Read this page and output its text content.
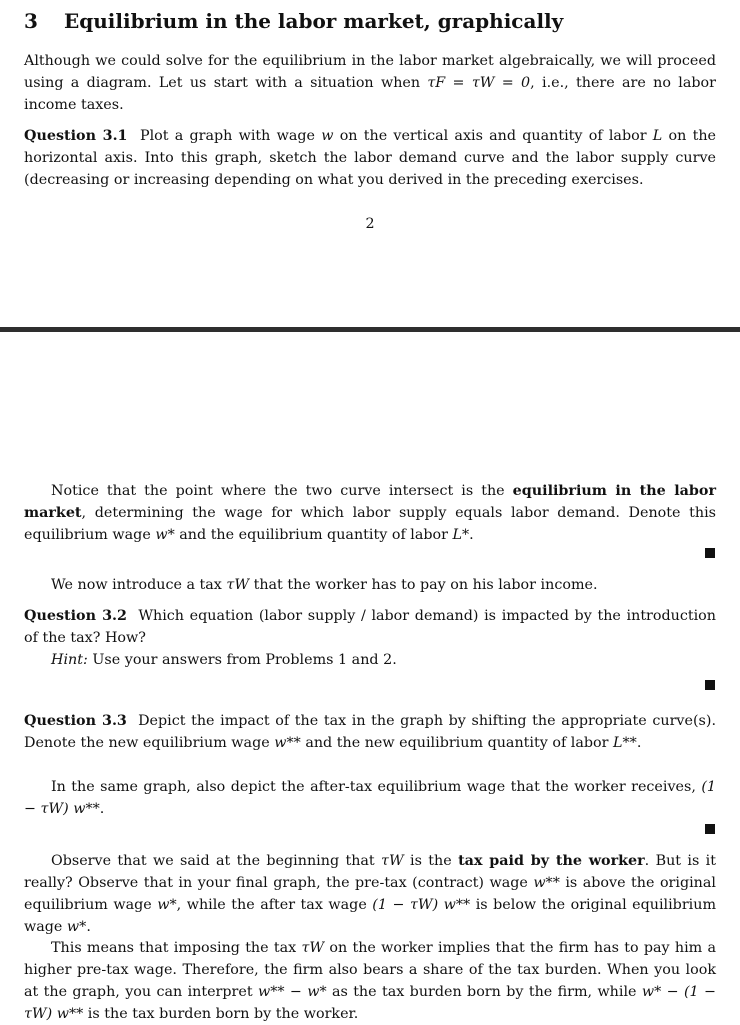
3 Equilibrium in the labor market, graphically
Although we could solve for the equilibrium in the labor market algebraically, we will proceed using a diagram. Let us start with a situation when τF = τW = 0, i.e., there are no labor income taxes.
Question 3.1 Plot a graph with wage w on the vertical axis and quantity of labor L on the horizontal axis. Into this graph, sketch the labor demand curve and the labor supply curve (decreasing or increasing depending on what you derived in the preceding exercises.
2
Notice that the point where the two curve intersect is the equilibrium in the labor market, determining the wage for which labor supply equals labor demand. Denote this equilibrium wage w* and the equilibrium quantity of labor L*.
We now introduce a tax τW that the worker has to pay on his labor income.
Question 3.2 Which equation (labor supply / labor demand) is impacted by the introduction of the tax? How?
Hint: Use your answers from Problems 1 and 2.
Question 3.3 Depict the impact of the tax in the graph by shifting the appropriate curve(s). Denote the new equilibrium wage w** and the new equilibrium quantity of labor L**.
In the same graph, also depict the after-tax equilibrium wage that the worker receives, (1 − τW) w**.
Observe that we said at the beginning that τW is the tax paid by the worker. But is it really? Observe that in your final graph, the pre-tax (contract) wage w** is above the original equilibrium wage w*, while the after tax wage (1 − τW) w** is below the original equilibrium wage w*.
This means that imposing the tax τW on the worker implies that the firm has to pay him a higher pre-tax wage. Therefore, the firm also bears a share of the tax burden. When you look at the graph, you can interpret w** − w* as the tax burden born by the firm, while w* − (1 − τW) w** is the tax burden born by the worker.
